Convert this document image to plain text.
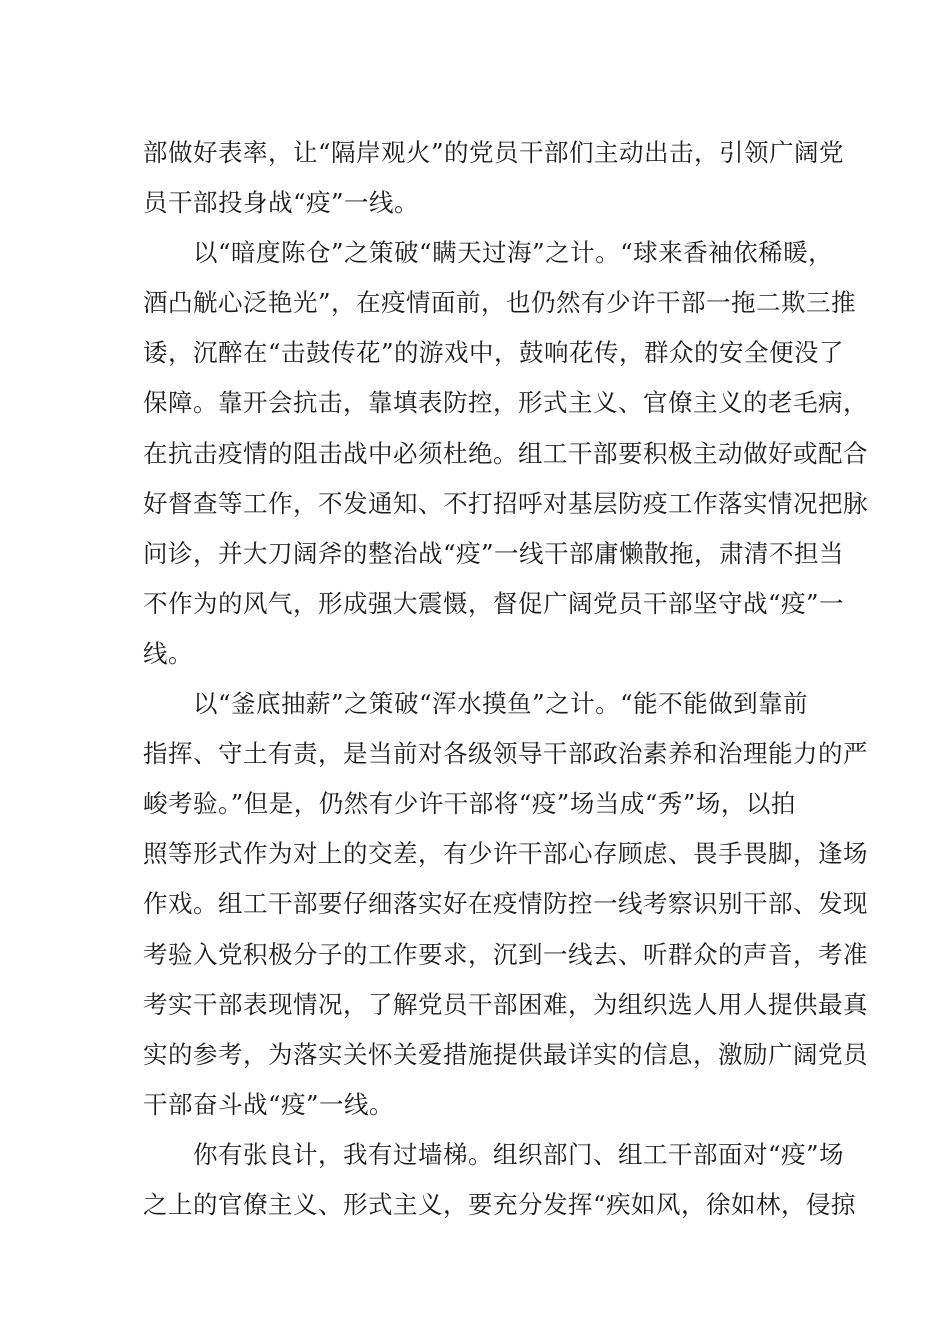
部做好表率，让“隔岸观火”的党员干部们主动出击，引领广阔党
员干部投身战“疫”一线。
　　以“暗度陈仓”之策破“瞒天过海”之计。“球来香袖依稀暖，
酒凸觥心泛艳光”，在疫情面前，也仍然有少许干部一拖二欺三推
诿，沉醉在“击鼓传花”的游戏中，鼓响花传，群众的安全便没了
保障。靠开会抗击，靠填表防控，形式主义、官僚主义的老毛病，
在抗击疫情的阻击战中必须杜绝。组工干部要积极主动做好或配合
好督查等工作，不发通知、不打招呼对基层防疫工作落实情况把脉
问诊，并大刀阔斧的整治战“疫”一线干部庸懒散拖，肃清不担当
不作为的风气，形成强大震慑，督促广阔党员干部坚守战“疫”一
线。
　　以“釜底抽薪”之策破“浑水摸鱼”之计。“能不能做到靠前
指挥、守土有责，是当前对各级领导干部政治素养和治理能力的严
峻考验。”但是，仍然有少许干部将“疫”场当成“秀”场，以拍
照等形式作为对上的交差，有少许干部心存顾虑、畏手畏脚，逢场
作戏。组工干部要仔细落实好在疫情防控一线考察识别干部、发现
考验入党积极分子的工作要求，沉到一线去、听群众的声音，考准
考实干部表现情况，了解党员干部困难，为组织选人用人提供最真
实的参考，为落实关怀关爱措施提供最详实的信息，激励广阔党员
干部奋斗战“疫”一线。
　　你有张良计，我有过墙梯。组织部门、组工干部面对“疫”场
之上的官僚主义、形式主义，要充分发挥“疾如风，徐如林，侵掠
